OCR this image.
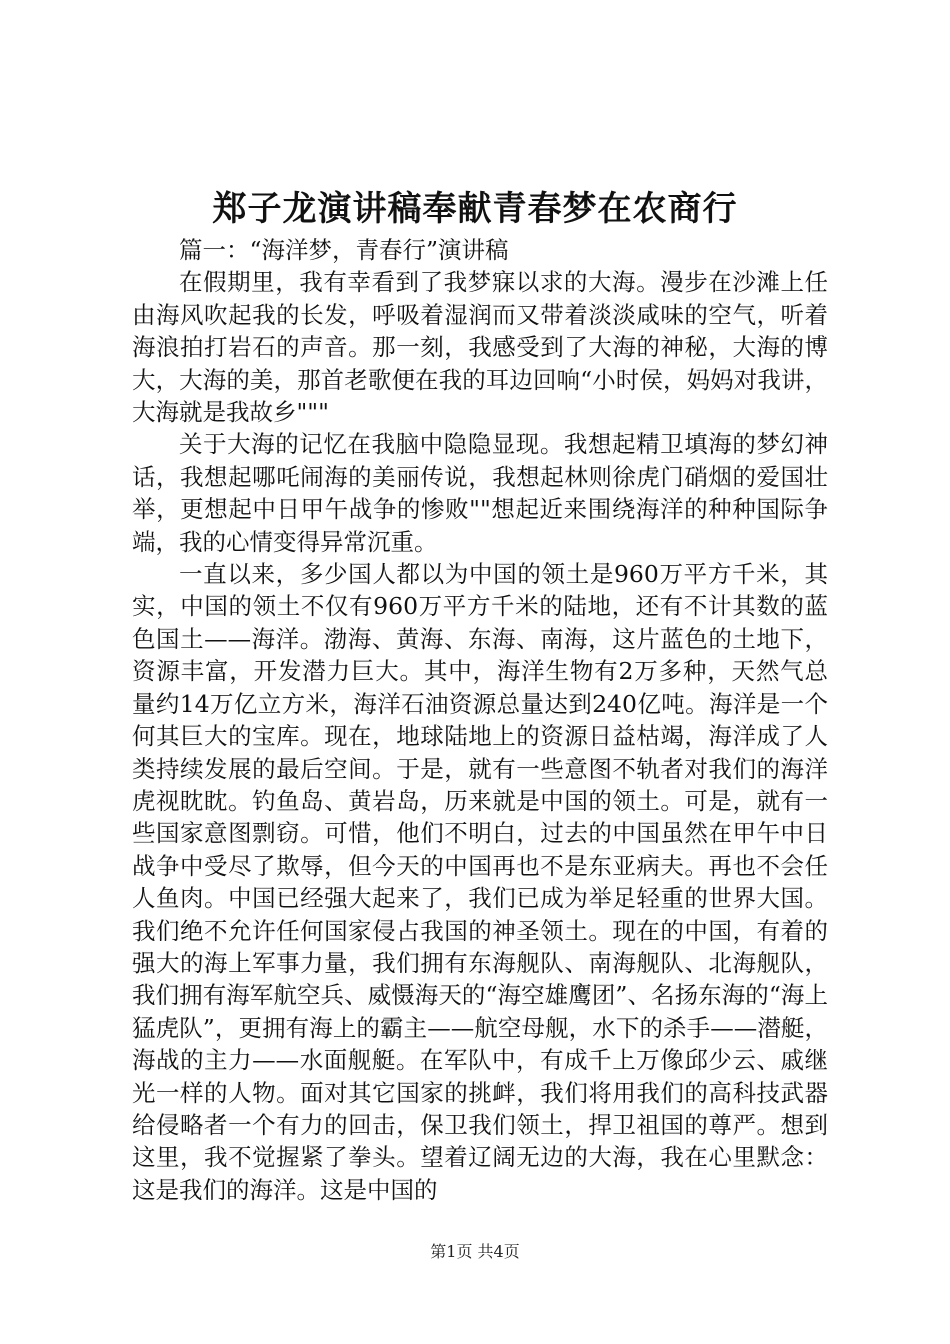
郑子龙演讲稿奉献青春梦在农商行

篇一：“海洋梦，青春行”演讲稿

在假期里，我有幸看到了我梦寐以求的大海。漫步在沙滩上任由海风吹起我的长发，呼吸着湿润而又带着淡淡咸味的空气，听着海浪拍打岩石的声音。那一刻，我感受到了大海的神秘，大海的博大，大海的美，那首老歌便在我的耳边回响“小时侯，妈妈对我讲，大海就是我故乡"""

关于大海的记忆在我脑中隐隐显现。我想起精卫填海的梦幻神话，我想起哪吒闹海的美丽传说，我想起林则徐虎门硝烟的爱国壮举，更想起中日甲午战争的惨败""想起近来围绕海洋的种种国际争端，我的心情变得异常沉重。

一直以来，多少国人都以为中国的领土是960万平方千米，其实，中国的领土不仅有960万平方千米的陆地，还有不计其数的蓝色国土——海洋。渤海、黄海、东海、南海，这片蓝色的土地下，资源丰富，开发潜力巨大。其中，海洋生物有2万多种，天然气总量约14万亿立方米，海洋石油资源总量达到240亿吨。海洋是一个何其巨大的宝库。现在，地球陆地上的资源日益枯竭，海洋成了人类持续发展的最后空间。于是，就有一些意图不轨者对我们的海洋虎视眈眈。钓鱼岛、黄岩岛，历来就是中国的领土。可是，就有一些国家意图剽窃。可惜，他们不明白，过去的中国虽然在甲午中日战争中受尽了欺辱，但今天的中国再也不是东亚病夫。再也不会任人鱼肉。中国已经强大起来了，我们已成为举足轻重的世界大国。我们绝不允许任何国家侵占我国的神圣领土。现在的中国，有着的强大的海上军事力量，我们拥有东海舰队、南海舰队、北海舰队，我们拥有海军航空兵、威慑海天的“海空雄鹰团”、名扬东海的“海上猛虎队”，更拥有海上的霸主——航空母舰，水下的杀手——潜艇，海战的主力——水面舰艇。在军队中，有成千上万像邱少云、戚继光一样的人物。面对其它国家的挑衅，我们将用我们的高科技武器给侵略者一个有力的回击，保卫我们领土，捍卫祖国的尊严。想到这里，我不觉握紧了拳头。望着辽阔无边的大海，我在心里默念：这是我们的海洋。这是中国的

第1页 共4页
